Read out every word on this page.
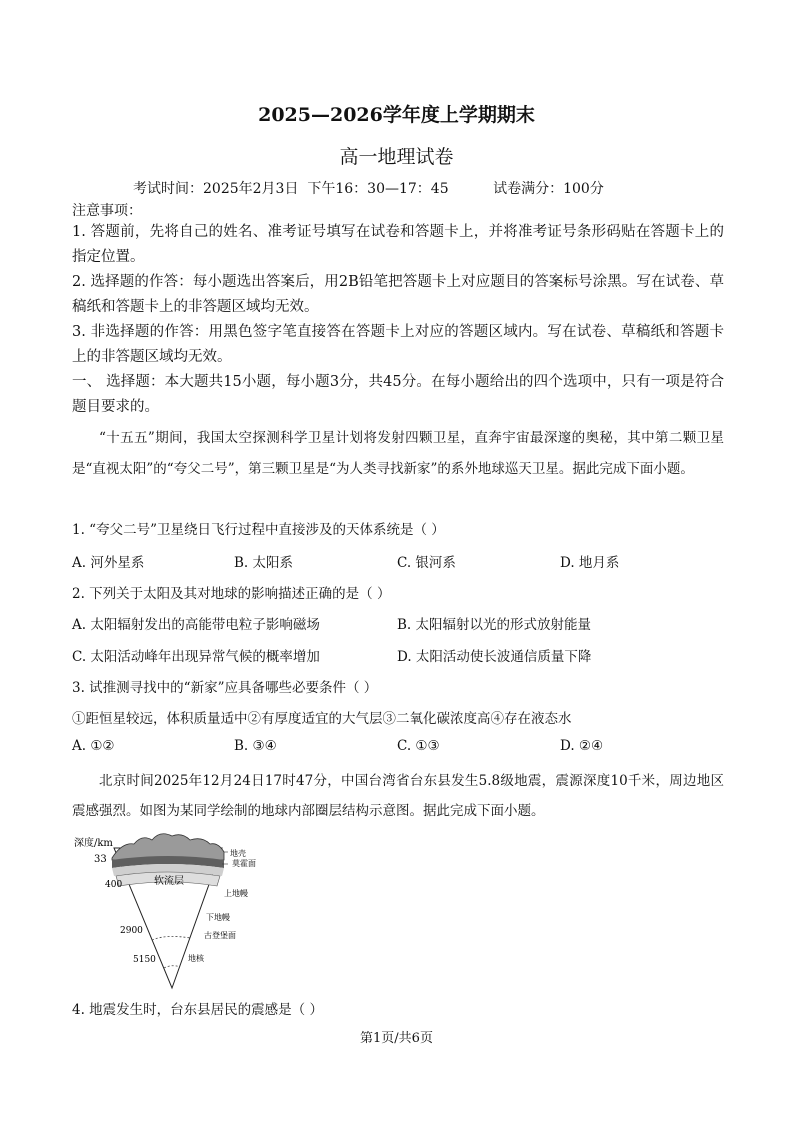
2025—2026学年度上学期期末
高一地理试卷
考试时间：2025年2月3日  下午16：30—17：45          试卷满分：100分
注意事项：
1. 答题前，先将自己的姓名、准考证号填写在试卷和答题卡上，并将准考证号条形码贴在答题卡上的指定位置。
2. 选择题的作答：每小题选出答案后，用2B铅笔把答题卡上对应题目的答案标号涂黑。写在试卷、草稿纸和答题卡上的非答题区域均无效。
3. 非选择题的作答：用黑色签字笔直接答在答题卡上对应的答题区域内。写在试卷、草稿纸和答题卡上的非答题区域均无效。
一、 选择题：本大题共15小题，每小题3分，共45分。在每小题给出的四个选项中，只有一项是符合题目要求的。
“十五五”期间，我国太空探测科学卫星计划将发射四颗卫星，直奔宇宙最深邃的奥秘，其中第二颗卫星是“直视太阳”的“夸父二号”，第三颗卫星是“为人类寻找新家”的系外地球巡天卫星。据此完成下面小题。
1. “夸父二号”卫星绕日飞行过程中直接涉及的天体系统是（ ）
A. 河外星系	B. 太阳系	C. 银河系	D. 地月系
2. 下列关于太阳及其对地球的影响描述正确的是（ ）
A. 太阳辐射发出的高能带电粒子影响磁场	B. 太阳辐射以光的形式放射能量
C. 太阳活动峰年出现异常气候的概率增加	D. 太阳活动使长波通信质量下降
3. 试推测寻找中的“新家”应具备哪些必要条件（ ）
①距恒星较远，体积质量适中②有厚度适宜的大气层③二氧化碳浓度高④存在液态水
A. ①②	B. ③④	C. ①③	D. ②④
北京时间2025年12月24日17时47分，中国台湾省台东县发生5.8级地震，震源深度10千米，周边地区震感强烈。如图为某同学绘制的地球内部圈层结构示意图。据此完成下面小题。
深度/km
33
400
2900
5150
软流层
地壳
莫霍面
上地幔
下地幔
古登堡面
地核
4. 地震发生时，台东县居民的震感是（ ）
第1页/共6页
